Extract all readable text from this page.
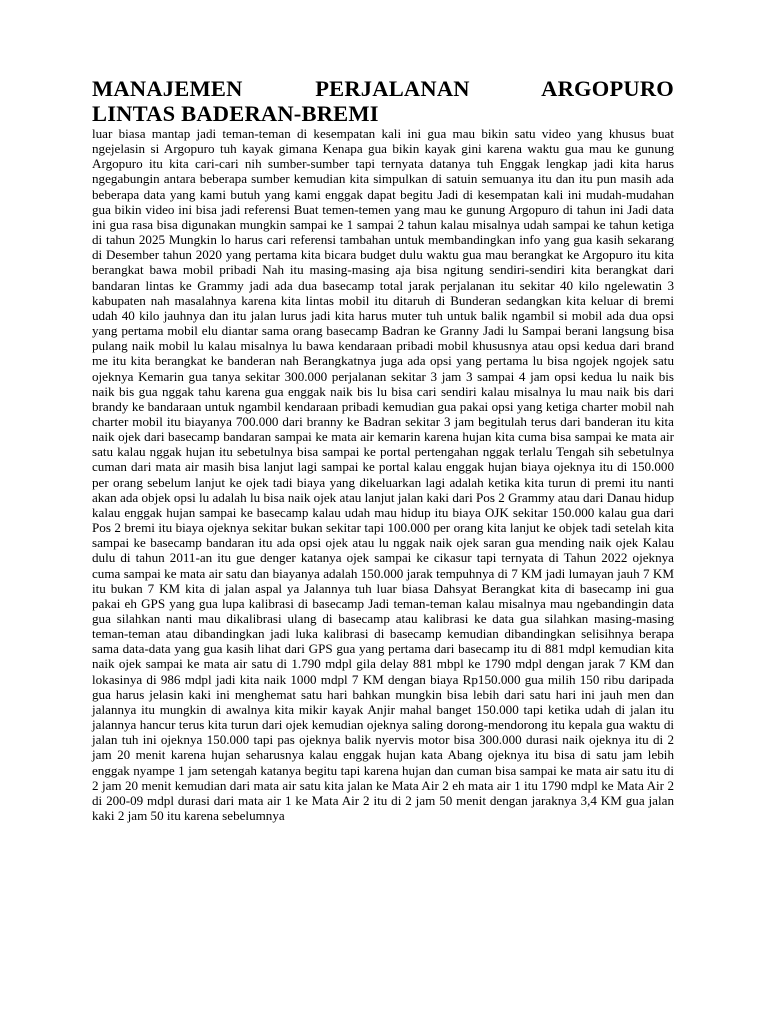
MANAJEMEN PERJALANAN ARGOPURO
LINTAS BADERAN-BREMI

luar biasa mantap jadi teman-teman di kesempatan kali ini gua mau bikin satu video yang khusus buat ngejelasin si Argopuro tuh kayak gimana Kenapa gua bikin kayak gini karena waktu gua mau ke gunung Argopuro itu kita cari-cari nih sumber-sumber tapi ternyata datanya tuh Enggak lengkap jadi kita harus ngegabungin antara beberapa sumber kemudian kita simpulkan di satuin semuanya itu dan itu pun masih ada beberapa data yang kami butuh yang kami enggak dapat begitu Jadi di kesempatan kali ini mudah-mudahan gua bikin video ini bisa jadi referensi Buat temen-temen yang mau ke gunung Argopuro di tahun ini Jadi data ini gua rasa bisa digunakan mungkin sampai ke 1 sampai 2 tahun kalau misalnya udah sampai ke tahun ketiga di tahun 2025 Mungkin lo harus cari referensi tambahan untuk membandingkan info yang gua kasih sekarang di Desember tahun 2020 yang pertama kita bicara budget dulu waktu gua mau berangkat ke Argopuro itu kita berangkat bawa mobil pribadi Nah itu masing-masing aja bisa ngitung sendiri-sendiri kita berangkat dari bandaran lintas ke Grammy jadi ada dua basecamp total jarak perjalanan itu sekitar 40 kilo ngelewatin 3 kabupaten nah masalahnya karena kita lintas mobil itu ditaruh di Bunderan sedangkan kita keluar di bremi udah 40 kilo jauhnya dan itu jalan lurus jadi kita harus muter tuh untuk balik ngambil si mobil ada dua opsi yang pertama mobil elu diantar sama orang basecamp Badran ke Granny Jadi lu Sampai berani langsung bisa pulang naik mobil lu kalau misalnya lu bawa kendaraan pribadi mobil khususnya atau opsi kedua dari brand me itu kita berangkat ke banderan nah Berangkatnya juga ada opsi yang pertama lu bisa ngojek ngojek satu ojeknya Kemarin gua tanya sekitar 300.000 perjalanan sekitar 3 jam 3 sampai 4 jam opsi kedua lu naik bis naik bis gua nggak tahu karena gua enggak naik bis lu bisa cari sendiri kalau misalnya lu mau naik bis dari brandy ke bandaraan untuk ngambil kendaraan pribadi kemudian gua pakai opsi yang ketiga charter mobil nah charter mobil itu biayanya 700.000 dari branny ke Badran sekitar 3 jam begitulah terus dari banderan itu kita naik ojek dari basecamp bandaran sampai ke mata air kemarin karena hujan kita cuma bisa sampai ke mata air satu kalau nggak hujan itu sebetulnya bisa sampai ke portal pertengahan nggak terlalu Tengah sih sebetulnya cuman dari mata air masih bisa lanjut lagi sampai ke portal kalau enggak hujan biaya ojeknya itu di 150.000 per orang sebelum lanjut ke ojek tadi biaya yang dikeluarkan lagi adalah ketika kita turun di premi itu nanti akan ada objek opsi lu adalah lu bisa naik ojek atau lanjut jalan kaki dari Pos 2 Grammy atau dari Danau hidup kalau enggak hujan sampai ke basecamp kalau udah mau hidup itu biaya OJK sekitar 150.000 kalau gua dari Pos 2 bremi itu biaya ojeknya sekitar bukan sekitar tapi 100.000 per orang kita lanjut ke objek tadi setelah kita sampai ke basecamp bandaran itu ada opsi ojek atau lu nggak naik ojek saran gua mending naik ojek Kalau dulu di tahun 2011-an itu gue denger katanya ojek sampai ke cikasur tapi ternyata di Tahun 2022 ojeknya cuma sampai ke mata air satu dan biayanya adalah 150.000 jarak tempuhnya di 7 KM jadi lumayan jauh 7 KM itu bukan 7 KM kita di jalan aspal ya Jalannya tuh luar biasa Dahsyat Berangkat kita di basecamp ini gua pakai eh GPS yang gua lupa kalibrasi di basecamp Jadi teman-teman kalau misalnya mau ngebandingin data gua silahkan nanti mau dikalibrasi ulang di basecamp atau kalibrasi ke data gua silahkan masing-masing teman-teman atau dibandingkan jadi luka kalibrasi di basecamp kemudian dibandingkan selisihnya berapa sama data-data yang gua kasih lihat dari GPS gua yang pertama dari basecamp itu di 881 mdpl kemudian kita naik ojek sampai ke mata air satu di 1.790 mdpl gila delay 881 mbpl ke 1790 mdpl dengan jarak 7 KM dan lokasinya di 986 mdpl jadi kita naik 1000 mdpl 7 KM dengan biaya Rp150.000 gua milih 150 ribu daripada gua harus jelasin kaki ini menghemat satu hari bahkan mungkin bisa lebih dari satu hari ini jauh men dan jalannya itu mungkin di awalnya kita mikir kayak Anjir mahal banget 150.000 tapi ketika udah di jalan itu jalannya hancur terus kita turun dari ojek kemudian ojeknya saling dorong-mendorong itu kepala gua waktu di jalan tuh ini ojeknya 150.000 tapi pas ojeknya balik nyervis motor bisa 300.000 durasi naik ojeknya itu di 2 jam 20 menit karena hujan seharusnya kalau enggak hujan kata Abang ojeknya itu bisa di satu jam lebih enggak nyampe 1 jam setengah katanya begitu tapi karena hujan dan cuman bisa sampai ke mata air satu itu di 2 jam 20 menit kemudian dari mata air satu kita jalan ke Mata Air 2 eh mata air 1 itu 1790 mdpl ke Mata Air 2 di 200-09 mdpl durasi dari mata air 1 ke Mata Air 2 itu di 2 jam 50 menit dengan jaraknya 3,4 KM gua jalan kaki 2 jam 50 itu karena sebelumnya
